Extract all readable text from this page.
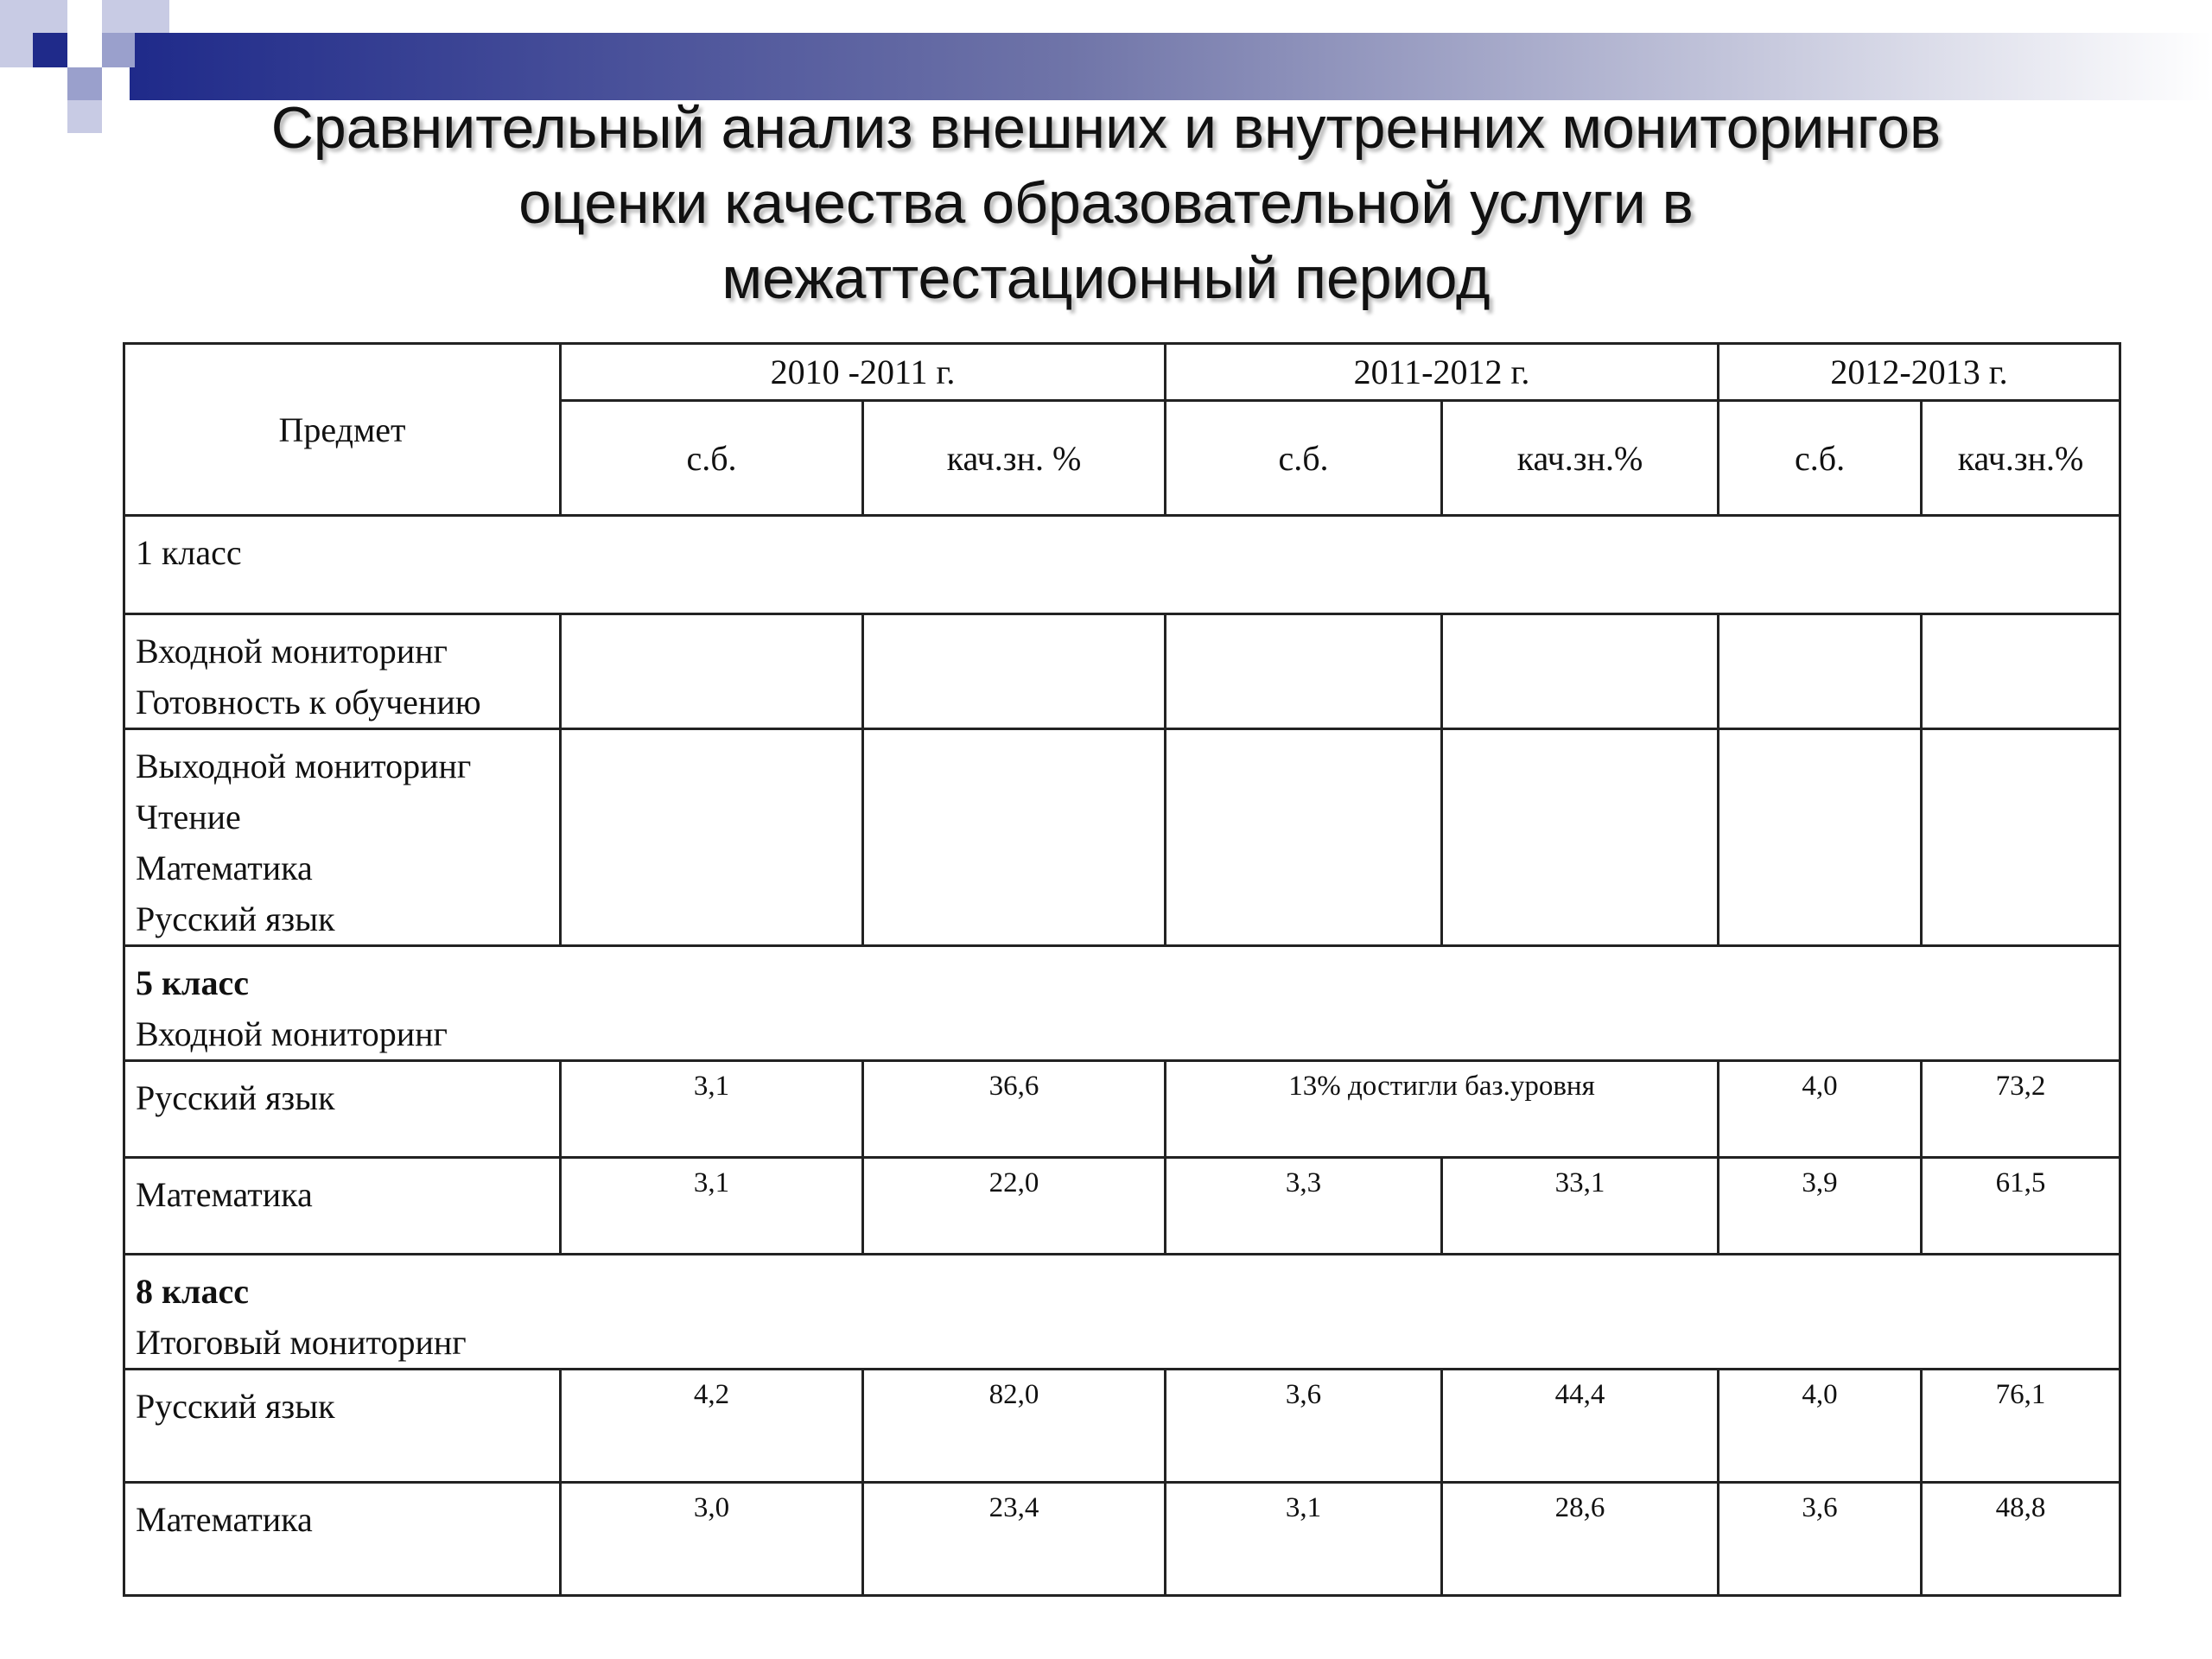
Сравнительный анализ внешних и внутренних мониторингов
оценки качества образовательной услуги в
межаттестационный период
Предмет	2010 -2011 г.		2011-2012 г.		2012-2013 г.	
	с.б.	кач.зн. %	с.б.	кач.зн.%	с.б.	кач.зн.%

1 класс						

Входной мониторинг
Готовность к обучению						

Выходной мониторинг
Чтение
Математика
Русский язык						

5 класс
Входной мониторинг						

Русский язык	3,1	36,6	13% достигли баз.уровня		4,0	73,2
Математика	3,1	22,0	3,3	33,1	3,9	61,5

8 класс
Итоговый мониторинг						

Русский язык	4,2	82,0	3,6	44,4	4,0	76,1
Математика	3,0	23,4	3,1	28,6	3,6	48,8
